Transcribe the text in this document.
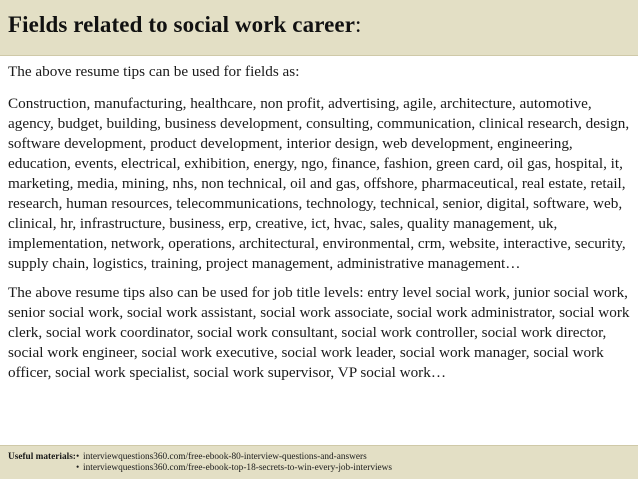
Fields related to social work career:

The above resume tips can be used for fields as:

Construction, manufacturing, healthcare, non profit, advertising, agile, architecture, automotive, agency, budget, building, business development, consulting, communication, clinical research, design, software development, product development, interior design, web development, engineering, education, events, electrical, exhibition, energy, ngo, finance, fashion, green card, oil gas, hospital, it, marketing, media, mining, nhs, non technical, oil and gas, offshore, pharmaceutical, real estate, retail, research, human resources, telecommunications, technology, technical, senior, digital, software, web, clinical, hr, infrastructure, business, erp, creative, ict, hvac, sales, quality management, uk, implementation, network, operations, architectural, environmental, crm, website, interactive, security, supply chain, logistics, training, project management, administrative management…

The above resume tips also can be used for job title levels: entry level social work, junior social work, senior social work, social work assistant, social work associate, social work administrator, social work clerk, social work coordinator, social work consultant, social work controller, social work director, social work engineer, social work executive, social work leader, social work manager, social work officer, social work specialist, social work supervisor, VP social work…

Useful materials: • interviewquestions360.com/free-ebook-80-interview-questions-and-answers
• interviewquestions360.com/free-ebook-top-18-secrets-to-win-every-job-interviews
